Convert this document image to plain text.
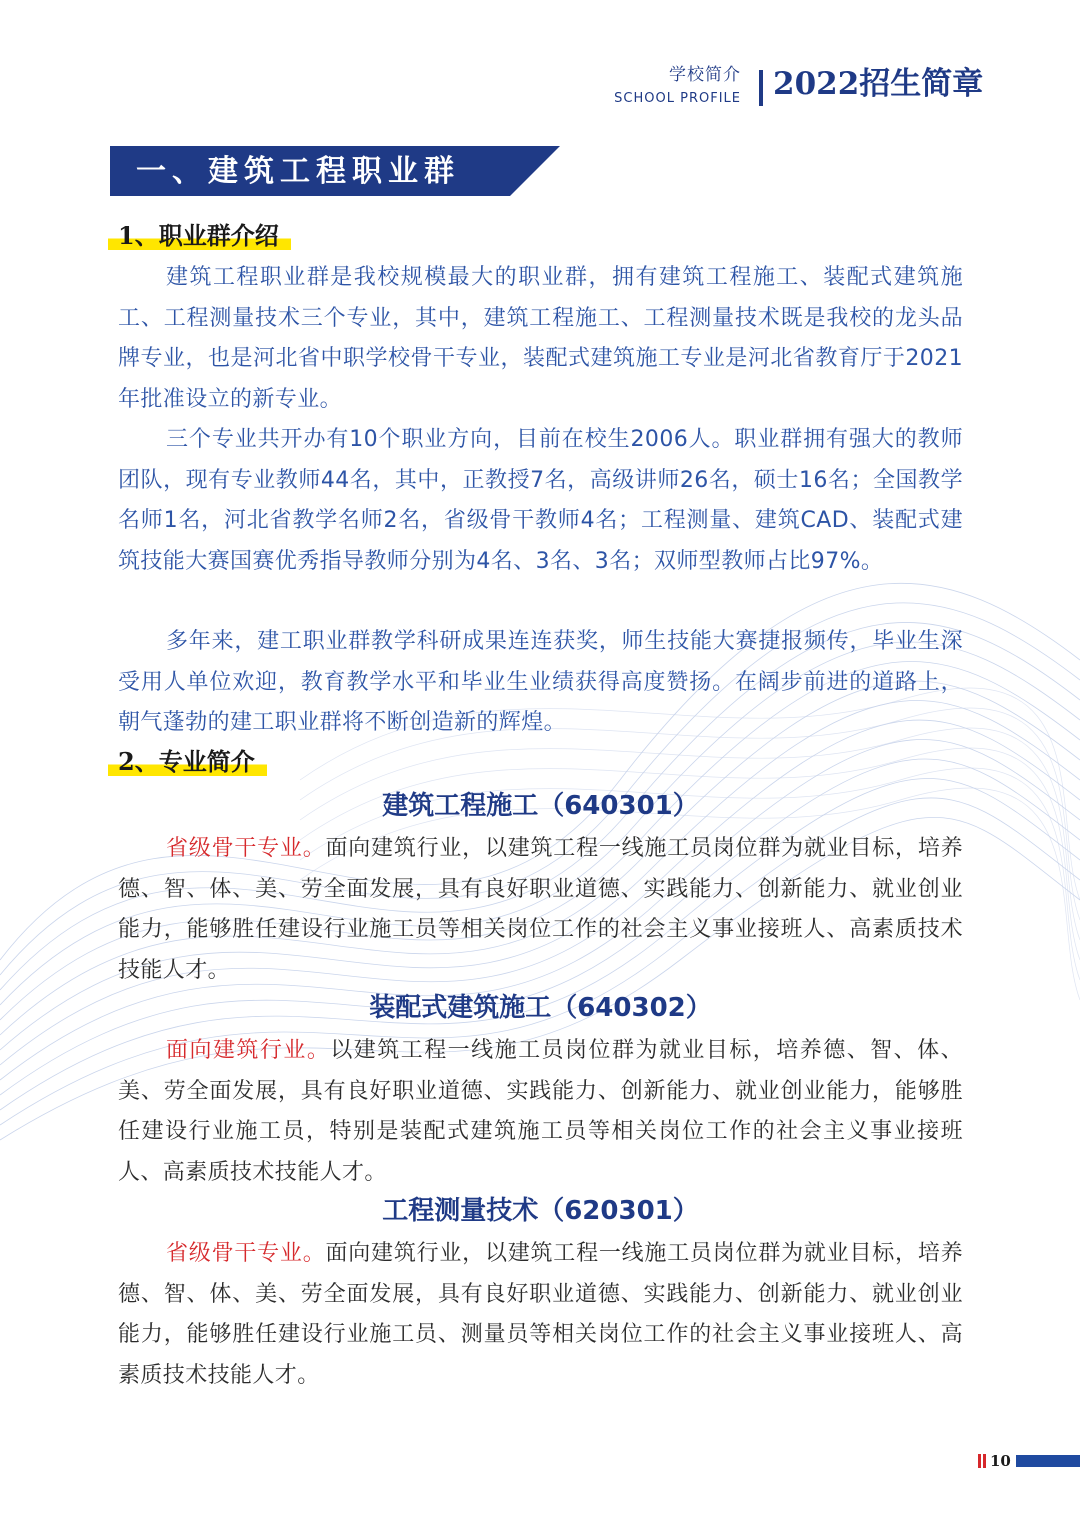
学校简介
SCHOOL PROFILE 2022招生简章
一、建筑工程职业群
1、职业群介绍

建筑工程职业群是我校规模最大的职业群，拥有建筑工程施工、装配式建筑施工、工程测量技术三个专业，其中，建筑工程施工、工程测量技术既是我校的龙头品牌专业，也是河北省中职学校骨干专业，装配式建筑施工专业是河北省教育厅于2021年批准设立的新专业。

三个专业共开办有10个职业方向，目前在校生2006人。职业群拥有强大的教师团队，现有专业教师44名，其中，正教授7名，高级讲师26名，硕士16名；全国教学名师1名，河北省教学名师2名，省级骨干教师4名；工程测量、建筑CAD、装配式建筑技能大赛国赛优秀指导教师分别为4名、3名、3名；双师型教师占比97%。

多年来，建工职业群教学科研成果连连获奖，师生技能大赛捷报频传，毕业生深受用人单位欢迎，教育教学水平和毕业生业绩获得高度赞扬。在阔步前进的道路上，朝气蓬勃的建工职业群将不断创造新的辉煌。

2、专业简介
建筑工程施工（640301）

省级骨干专业。面向建筑行业，以建筑工程一线施工员岗位群为就业目标，培养德、智、体、美、劳全面发展，具有良好职业道德、实践能力、创新能力、就业创业能力，能够胜任建设行业施工员等相关岗位工作的社会主义事业接班人、高素质技术技能人才。

装配式建筑施工（640302）

面向建筑行业。以建筑工程一线施工员岗位群为就业目标，培养德、智、体、美、劳全面发展，具有良好职业道德、实践能力、创新能力、就业创业能力，能够胜任建设行业施工员，特别是装配式建筑施工员等相关岗位工作的社会主义事业接班人、高素质技术技能人才。

工程测量技术（620301）

省级骨干专业。面向建筑行业，以建筑工程一线施工员岗位群为就业目标，培养德、智、体、美、劳全面发展，具有良好职业道德、实践能力、创新能力、就业创业能力，能够胜任建设行业施工员、测量员等相关岗位工作的社会主义事业接班人、高素质技术技能人才。

10
